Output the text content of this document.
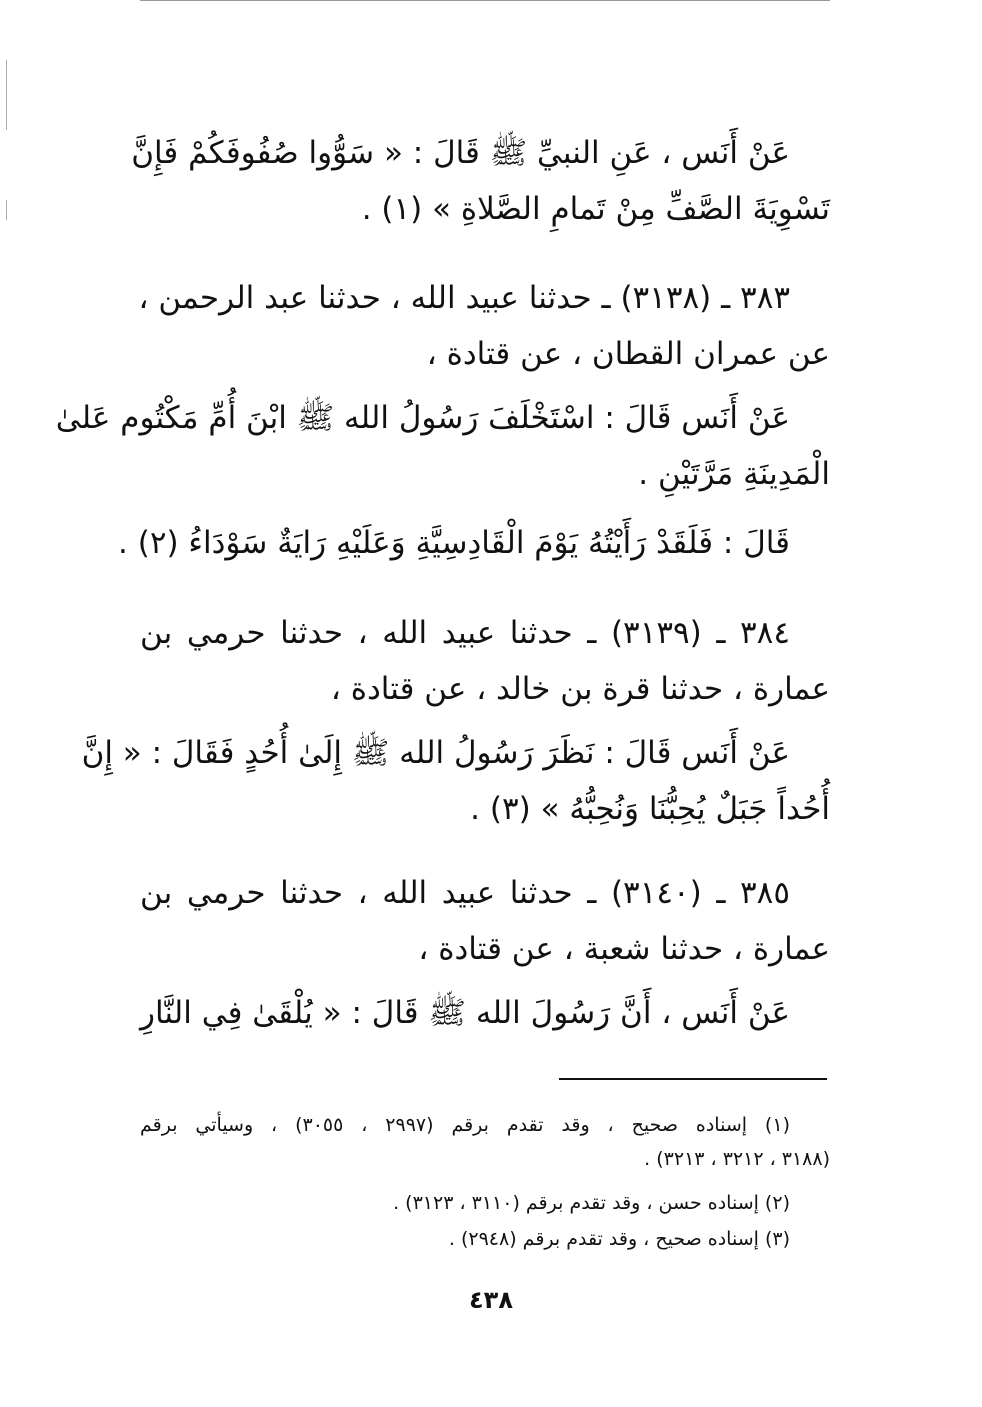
عَنْ أَنَس ، عَنِ النبيِّ ﷺ قَالَ : « سَوُّوا صُفُوفَكُمْ فَإِنَّ
تَسْوِيَةَ الصَّفِّ مِنْ تَمامِ الصَّلاةِ » (١) .
٣٨٣ ـ (٣١٣٨) ـ حدثنا عبيد الله ، حدثنا عبد الرحمن ،
عن عمران القطان ، عن قتادة ،
عَنْ أَنَس قَالَ : اسْتَخْلَفَ رَسُولُ الله ﷺ ابْنَ أُمِّ مَكْتُوم عَلىٰ
الْمَدِينَةِ مَرَّتَيْنِ .
قَالَ : فَلَقَدْ رَأَيْتُهُ يَوْمَ الْقَادِسِيَّةِ وَعَلَيْهِ رَايَةٌ سَوْدَاءُ (٢) .
٣٨٤ ـ (٣١٣٩) ـ حدثنا عبيد الله ، حدثنا حرمي بن
عمارة ، حدثنا قرة بن خالد ، عن قتادة ،
عَنْ أَنَس قَالَ : نَظَرَ رَسُولُ الله ﷺ إِلَىٰ أُحُدٍ فَقَالَ : « إِنَّ
أُحُداً جَبَلٌ يُحِبُّنَا وَنُحِبُّهُ » (٣) .
٣٨٥ ـ (٣١٤٠) ـ حدثنا عبيد الله ، حدثنا حرمي بن
عمارة ، حدثنا شعبة ، عن قتادة ،
عَنْ أَنَس ، أَنَّ رَسُولَ الله ﷺ قَالَ : « يُلْقَىٰ فِي النَّارِ
(١) إسناده صحيح ، وقد تقدم برقم (٢٩٩٧ ، ٣٠٥٥) ، وسيأتي برقم
(٣١٨٨ ، ٣٢١٢ ، ٣٢١٣) .
(٢) إسناده حسن ، وقد تقدم برقم (٣١١٠ ، ٣١٢٣) .
(٣) إسناده صحيح ، وقد تقدم برقم (٢٩٤٨) .
٤٣٨
